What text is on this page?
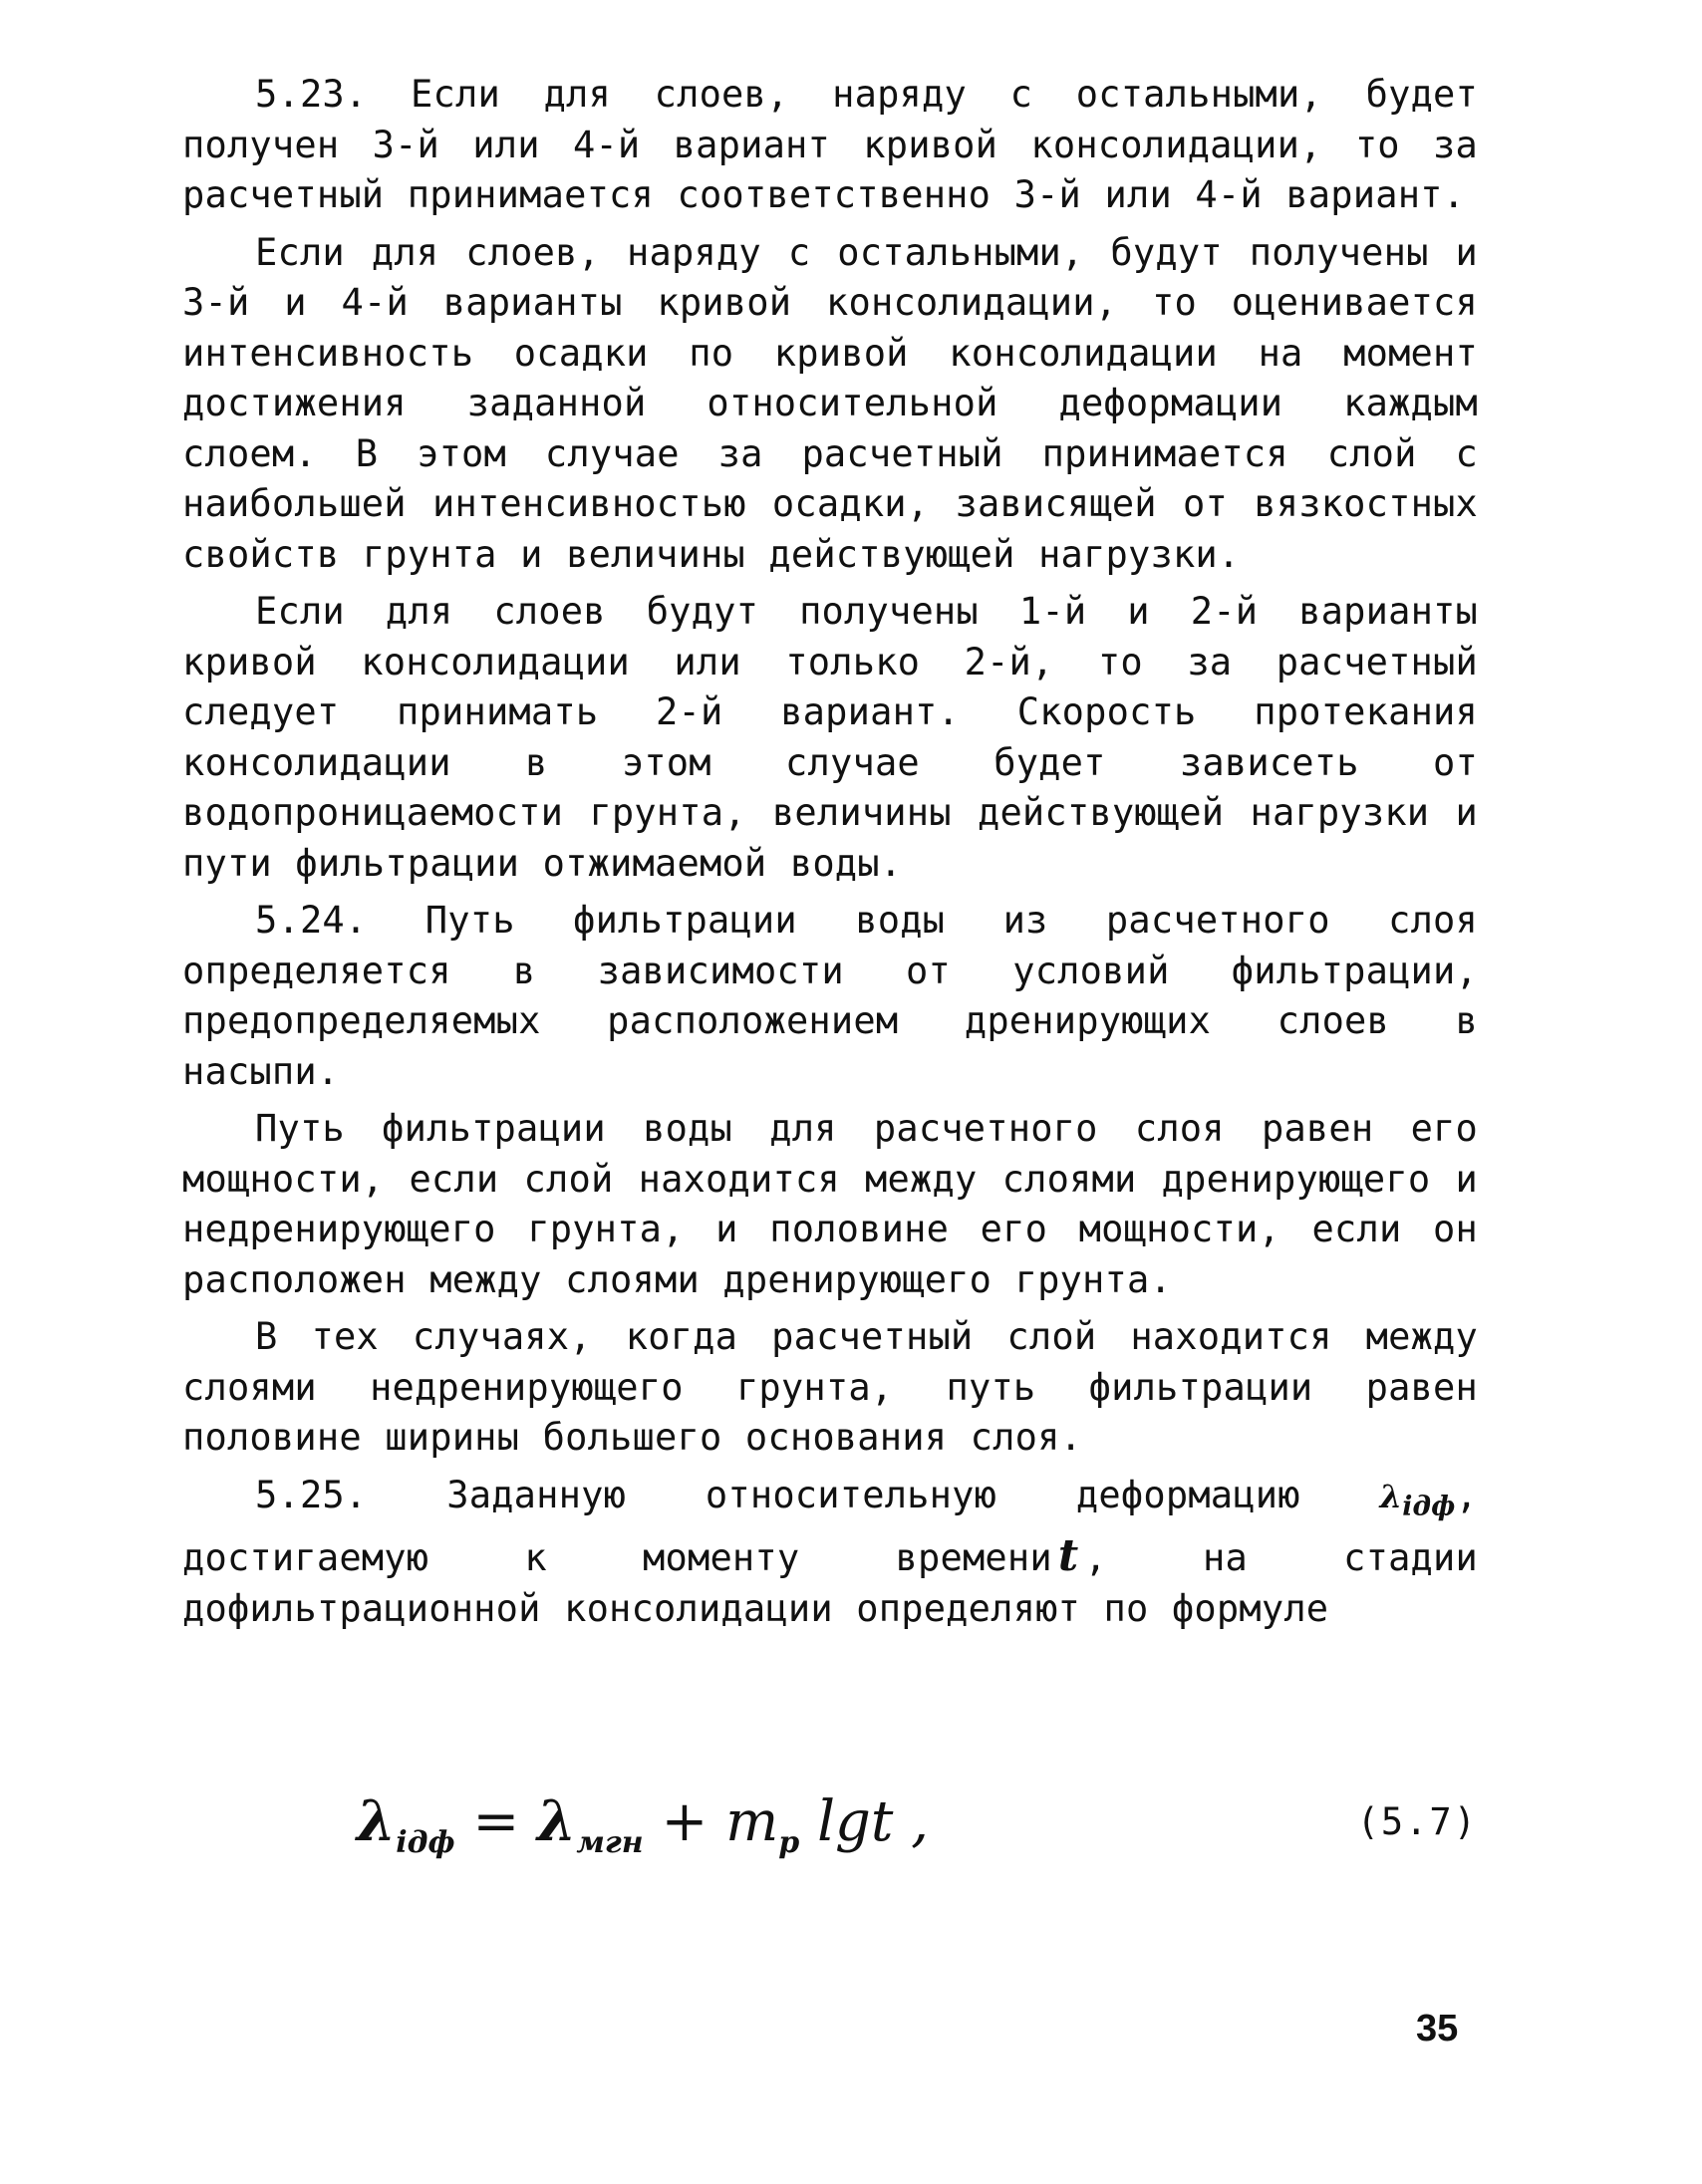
5.23. Если для слоев, наряду с остальными, будет получен 3-й или 4-й вариант кривой консолидации, то за расчетный принимается соответственно 3-й или 4-й вариант.

Если для слоев, наряду с остальными, будут получены и 3-й и 4-й варианты кривой консолидации, то оценивается интенсивность осадки по кривой консолидации на момент достижения заданной относительной деформации каждым слоем. В этом случае за расчетный принимается слой с наибольшей интенсивностью осадки, зависящей от вязкостных свойств грунта и величины действующей нагрузки.

Если для слоев будут получены 1-й и 2-й варианты кривой консолидации или только 2-й, то за расчетный следует принимать 2-й вариант. Скорость протекания консолидации в этом случае будет зависеть от водопроницаемости грунта, величины действующей нагрузки и пути фильтрации отжимаемой воды.

5.24. Путь фильтрации воды из расчетного слоя определяется в зависимости от условий фильтрации, предопределяемых расположением дренирующих слоев в насыпи.

Путь фильтрации воды для расчетного слоя равен его мощности, если слой находится между слоями дренирующего и недренирующего грунта, и половине его мощности, если он расположен между слоями дренирующего грунта.

В тех случаях, когда расчетный слой находится между слоями недренирующего грунта, путь фильтрации равен половине ширины большего основания слоя.

5.25. Заданную относительную деформацию $\lambda_{iдф}$, достигаемую к моменту времени t , на стадии дофильтрационной консолидации определяют по формуле

$\lambda_{iдф} = \lambda_{мгн} + m_р$ lgt ,	(5.7)
35
